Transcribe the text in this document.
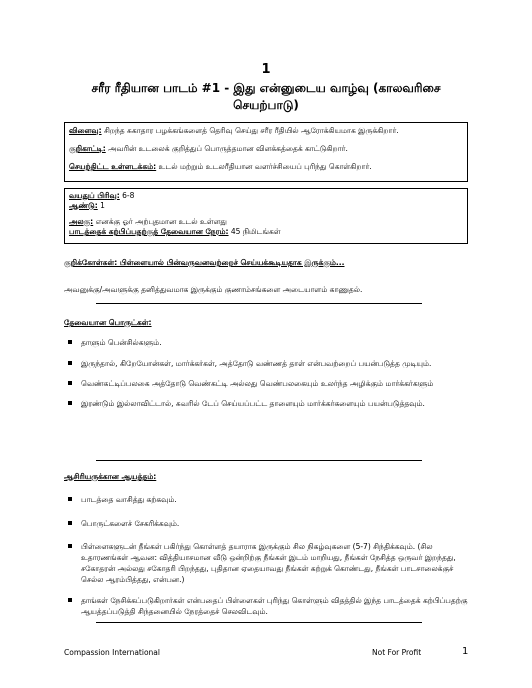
1
சரீர ரீதியான பாடம் #1 - இது என்னுடைய வாழ்வு (காலவரிசை செயற்பாடு)
விளைவு: சிறந்த சுகாதார பழக்கங்களைத் தெரிவு செய்து சரீர ரீதியில் ஆரோக்கியமாக இருக்கிறார்.
குறிகாட்டி: அவரின் உடலைக் குறித்துப் பொருத்தமான விளக்கத்தைக் காட்டுகிறார்.
செயற்திட்ட உள்ளடக்கம்: உடல் மற்றும் உடலரீதியான வளர்ச்சியைப் புரிந்து கொள்கிறார்.
வயதுப் பிரிவு: 6-8
ஆண்டு: 1
அலகு: எனக்கு ஓர் அற்புதமான உடல் உள்ளது
பாடத்தைக் கற்பிப்பதற்குத் தேவையான நேரம்: 45 நிமிடங்கள்
குறிக்கோள்கள்: பிள்ளையால் பின்வருவனவற்றைச் செய்யக்கூடியதாக இருக்கும்...
அவனுக்கு/அவளுக்கு தனித்துவமாக இருக்கும் குணாம்சங்களை அடையாளம் காணுதல்.
தேவையான பொருட்கள்:
தாளும் பென்சில்களும்.
இருந்தால், கிறேயோன்கள், மார்க்கர்கள், அத்தோடு வண்ணத் தாள் என்பவற்றைப் பயன்படுத்த முடியும்.
வெண்கட்டிப்பலகை அத்தோடு வெண்கட்டி அல்லது வெண்பலகையும் உலர்ந்த அழிக்கும் மார்க்கர்களும்
இரண்டும் இல்லாவிட்டால், சுவரில் டேப் செய்யப்பட்ட தாளையும் மார்க்கர்களையும் பயன்படுத்தவும்.
ஆசிரியருக்கான ஆயத்தம்:
பாடத்தை வாசித்து கற்கவும்.
பொருட்களைச் சேகரிக்கவும்.
பிள்ளைகளுடன் நீங்கள் பகிர்ந்து கொள்ளத் தயாராக இருக்கும் சில நிகழ்வுகளை (5-7) சிந்திக்கவும். (சில உதாரணங்கள் ஆவன: வித்தியாசமான வீடு ஒன்றிற்கு நீங்கள் இடம் மாறியது, நீங்கள் நேசித்த ஒருவர் இறந்தது, சகோதரன் அல்லது சகோதரி பிறந்தது, புதிதான ஏதையாவது நீங்கள் கற்றுக் கொண்டது, நீங்கள் பாடசாலைக்குச் செல்ல ஆரம்பித்தது, என்பன.)
தாங்கள் நேசிக்கப்படுகிறார்கள் என்பதைப் பிள்ளைகள் புரிந்து கொள்ளும் விதத்தில் இந்த பாடத்தைக் கற்பிப்பதற்கு ஆயத்தப்படுத்தி சிந்தனையில் நேரத்தைச் செலவிடவும்.
Compassion International	Not For Profit	1
